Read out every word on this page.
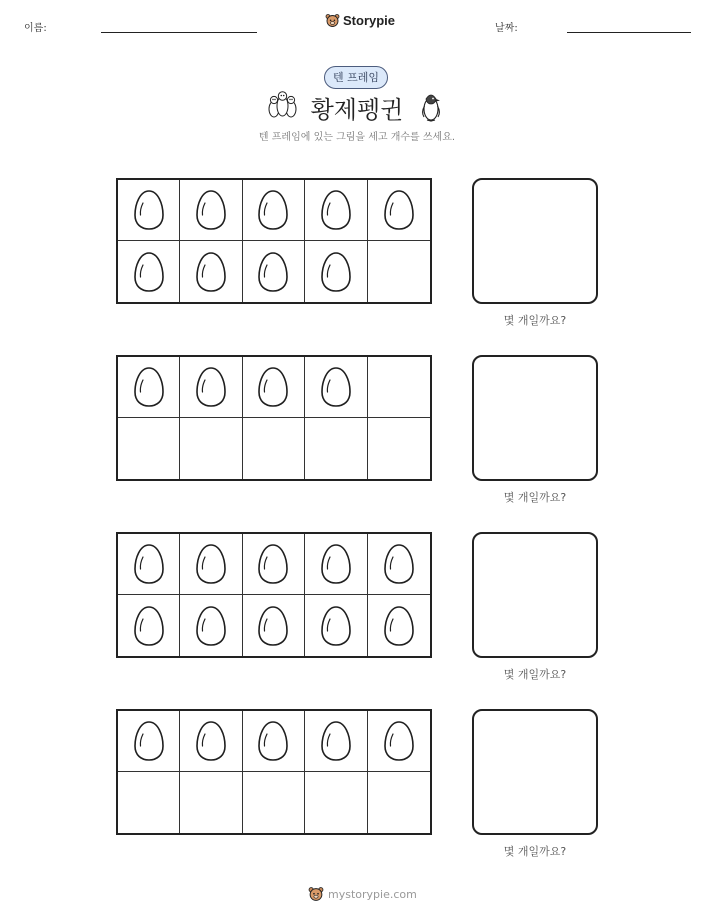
이름:
Storypie
날짜:
텐 프레임
황제펭귄
텐 프레임에 있는 그림을 세고 개수를 쓰세요.
몇 개일까요?
몇 개일까요?
몇 개일까요?
몇 개일까요?
mystorypie.com
